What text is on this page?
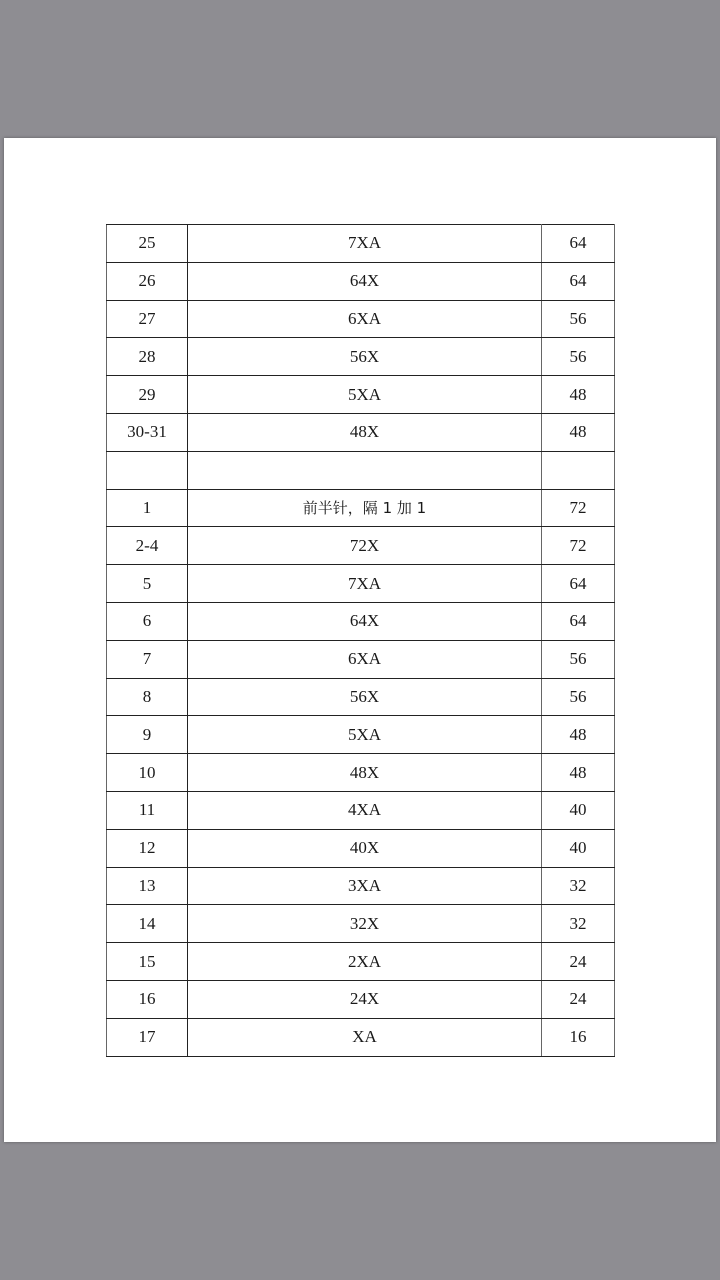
25	7XA	64
26	64X	64
27	6XA	56
28	56X	56
29	5XA	48
30-31	48X	48

1	前半针，隔 1 加 1	72
2-4	72X	72
5	7XA	64
6	64X	64
7	6XA	56
8	56X	56
9	5XA	48
10	48X	48
11	4XA	40
12	40X	40
13	3XA	32
14	32X	32
15	2XA	24
16	24X	24
17	XA	16
